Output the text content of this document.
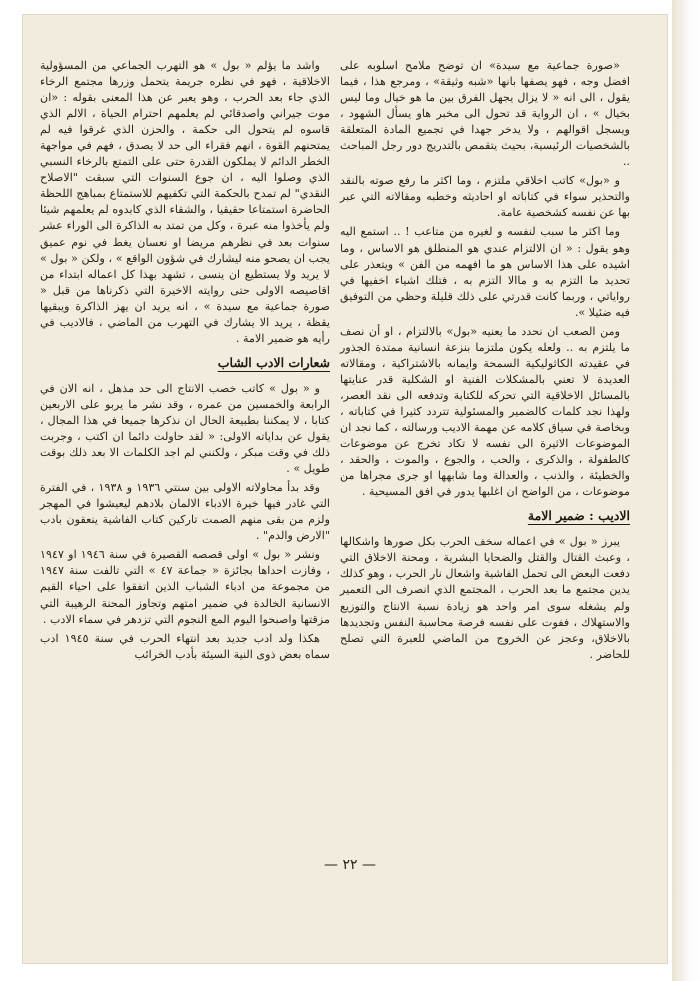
«صورة جماعية مع سيدة» ان توضح ملامح اسلوبه على افضل وجه ، فهو يصفها بانها «شبه وثيقة» ، ومرجع هذا ، فيما يقول ، الى انه « لا يزال يجهل الفرق بين ما هو خيال وما ليس بخيال » ، ان الرواية قد تحول الى مخبر هاو يسأل الشهود ، ويسجل اقوالهم ، ولا يدخر جهدا في تجميع المادة المتعلقة بالشخصيات الرئيسية، بحيث يتقمص بالتدريج دور رجل المباحث ..

و «بول» كاتب اخلاقي ملتزم ، وما اكثر ما رفع صوته بالنقد والتحذير سواء في كتاباته او احاديثه وخطبه ومقالاته التي عبر بها عن نفسه كشخصية عامة.

وما اكثر ما سبب لنفسه و لغيره من متاعب ! .. استمع اليه وهو يقول : « ان الالتزام عندي هو المنطلق هو الاساس ، وما اشيده على هذا الاساس هو ما افهمه من الفن » ويتعذر على تحديد ما التزم به و ماالا التزم به ، فتلك اشياء اخفيها في رواياتي ، وربما كانت قدرتي على ذلك قليلة وحظي من التوفيق فيه ضئيلا ».

ومن الصعب ان نحدد ما يعنيه «بول» بالالتزام ، او أن نصف ما يلتزم به .. ولعله يكون ملتزما بنزعة انسانية ممتدة الجذور في عقيدته الكاثوليكية السمحة وايمانه بالاشتراكية ، ومقالاته العديدة لا تعني بالمشكلات الفنية او الشكلية قدر عنايتها بالمسائل الاخلاقية التي تحركه للكتابة وتدفعه الى نقد العصر، ولهذا نجد كلمات كالضمير والمسئولية تتردد كثيرا في كتاباته ، وبخاصة في سياق كلامه عن مهمة الاديب ورسالته ، كما نجد ان الموضوعات الاثيرة الى نفسه لا تكاد تخرج عن موضوعات كالطفولة ، والذكرى ، والحب ، والجوع ، والموت ، والحقد ، والخطيئة ، والذنب ، والعدالة وما شابهها او جرى مجراها من موضوعات ، من الواضح ان اغلبها يدور في افق المسيحية .

الاديب : ضمير الامة

يبرز « بول » في اعماله سخف الحرب بكل صورها واشكالها ، وعبث القتال والقتل والضحايا البشرية ، ومحنة الاخلاق التي دفعت البعض الى تحمل الفاشية واشعال نار الحرب ، وهو كذلك يدين مجتمع ما بعد الحرب ، المجتمع الذي انصرف الى التعمير ولم يشغله سوى امر واحد هو زيادة نسبة الانتاج والتوزيع والاستهلاك ، ففوت على نفسه فرصة محاسبة النفس وتجديدها بالاخلاق، وعجز عن الخروج من الماضي للعبرة التي تصلح للحاضر .

واشد ما يؤلم « بول » هو التهرب الجماعي من المسؤولية الاخلاقية ، فهو في نظره جريمة يتحمل وزرها مجتمع الرخاء الذي جاء بعد الحرب ، وهو يعبر عن هذا المعنى بقوله : «ان موت جيراني واصدقائي لم يعلمهم احترام الحياة ، الالم الذي قاسوه لم يتحول الى حكمة ، والحزن الذي غرقوا فيه لم يمتحنهم القوة ، انهم فقراء الى حد لا يصدق ، فهم في مواجهة الخطر الدائم لا يملكون القدرة حتى على التمتع بالرخاء النسبي الذي وصلوا اليه ، ان جوع السنوات التي سبقت "الاصلاح النقدي" لم تمدح بالحكمة التي تكفيهم للاستمتاع بمباهج اللحظة الحاضرة استمتاعا حقيقيا ، والشقاء الذي كابدوه لم يعلمهم شيئا ولم يأخذوا منه عبرة ، وكل من تمتد به الذاكرة الى الوراء عشر سنوات بعد في نظرهم مريضا او نعسان يغط في نوم عميق يجب ان يصحو منه ليشارك في شؤون الواقع » ، ولكن « بول » لا يريد ولا يستطيع ان ينسى ، تشهد بهذا كل اعماله ابتداء من اقاصيصه الاولى حتى روايته الاخيرة التي ذكرناها من قبل « صورة جماعية مع سيدة » ، انه يريد ان يهز الذاكرة ويبقيها يقظة ، يريد الا يشارك في التهرب من الماضي ، فالاديب في رأيه هو ضمير الامة .

شعارات الادب الشاب

و « بول » كاتب خصب الانتاج الى حد مذهل ، انه الان في الرابعة والخمسين من عمره ، وقد نشر ما يربو على الاربعين كتابا ، لا يمكننا بطبيعة الحال ان نذكرها جميعا في هذا المجال ، يقول عن بداياته الاولى: « لقد حاولت دائما ان اكتب ، وجربت ذلك في وقت مبكر ، ولكنني لم اجد الكلمات الا بعد ذلك بوقت طويل » .

وقد بدأ محاولاته الاولى بين سنتي ١٩٣٦ و ١٩٣٨ ، في الفترة التي غادر فيها خيرة الادباء الالمان بلادهم ليعيشوا في المهجر ولزم من بقى منهم الصمت تاركين كتاب الفاشية ينعقون بادب "الارض والدم" .

ونشر « بول » اولى قصصه القصيرة في سنة ١٩٤٦ او ١٩٤٧ ، وفازت احداها بجائزة « جماعة ٤٧ » التي تالفت سنة ١٩٤٧ من مجموعة من ادباء الشباب الذين اتفقوا على احياء القيم الانسانية الخالدة في ضمير امتهم وتجاوز المحنة الرهيبة التي مزقتها واصبحوا اليوم المع النجوم التي تزدهر في سماء الادب .

هكذا ولد ادب جديد بعد انتهاء الحرب في سنة ١٩٤٥ ادب سماه بعض ذوى النية السيئة بأدب الخرائب

— ٢٢ —
